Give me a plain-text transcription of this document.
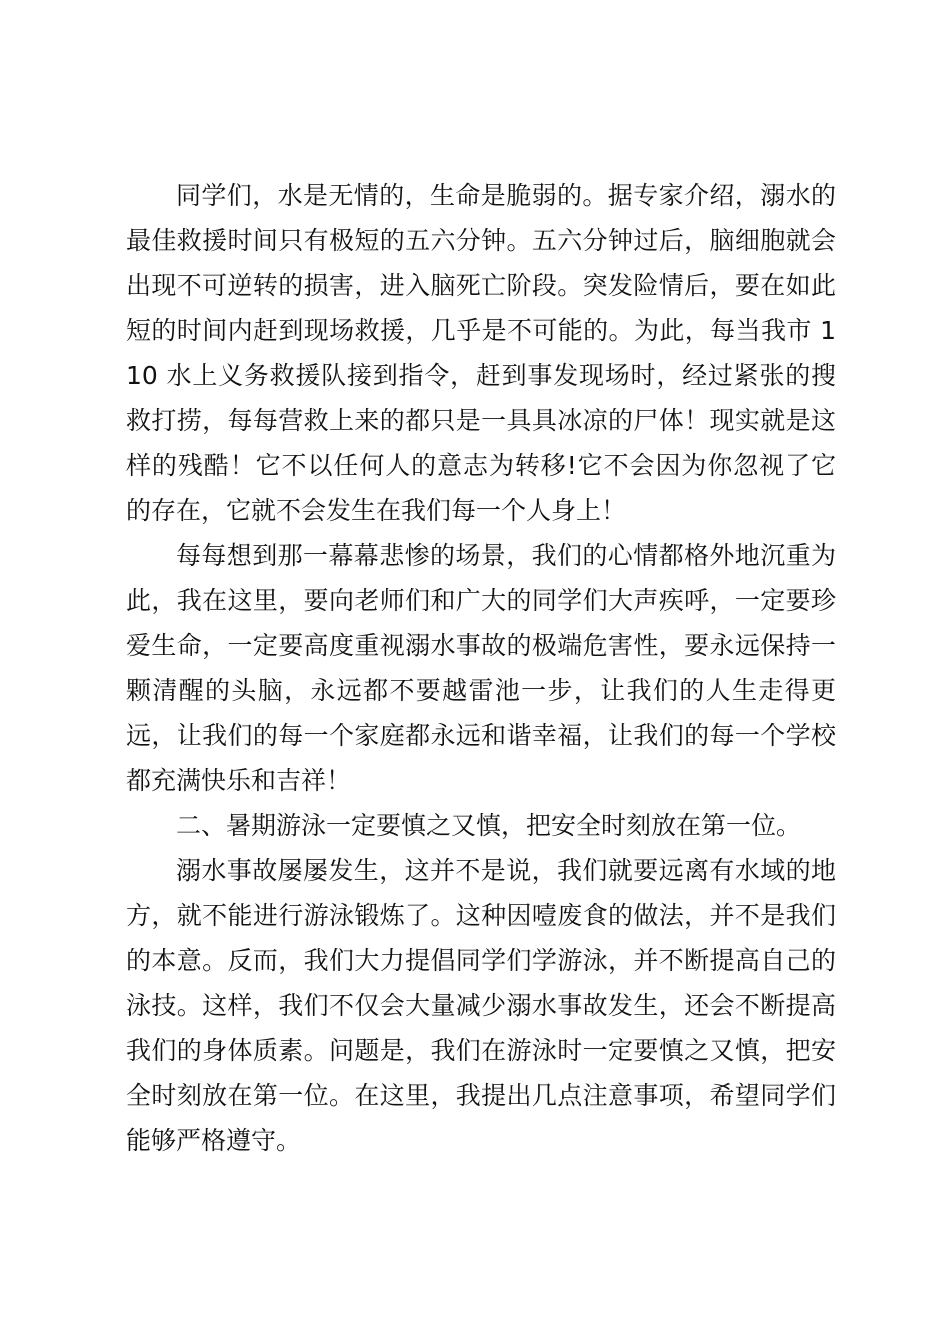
同学们，水是无情的，生命是脆弱的。据专家介绍，溺水的最佳救援时间只有极短的五六分钟。五六分钟过后，脑细胞就会出现不可逆转的损害，进入脑死亡阶段。突发险情后，要在如此短的时间内赶到现场救援，几乎是不可能的。为此，每当我市 110 水上义务救援队接到指令，赶到事发现场时，经过紧张的搜救打捞，每每营救上来的都只是一具具冰凉的尸体！现实就是这样的残酷！它不以任何人的意志为转移!它不会因为你忽视了它的存在，它就不会发生在我们每一个人身上！

每每想到那一幕幕悲惨的场景，我们的心情都格外地沉重为此，我在这里，要向老师们和广大的同学们大声疾呼，一定要珍爱生命，一定要高度重视溺水事故的极端危害性，要永远保持一颗清醒的头脑，永远都不要越雷池一步，让我们的人生走得更远，让我们的每一个家庭都永远和谐幸福，让我们的每一个学校都充满快乐和吉祥！

二、暑期游泳一定要慎之又慎，把安全时刻放在第一位。

溺水事故屡屡发生，这并不是说，我们就要远离有水域的地方，就不能进行游泳锻炼了。这种因噎废食的做法，并不是我们的本意。反而，我们大力提倡同学们学游泳，并不断提高自己的泳技。这样，我们不仅会大量减少溺水事故发生，还会不断提高我们的身体质素。问题是，我们在游泳时一定要慎之又慎，把安全时刻放在第一位。在这里，我提出几点注意事项，希望同学们能够严格遵守。
